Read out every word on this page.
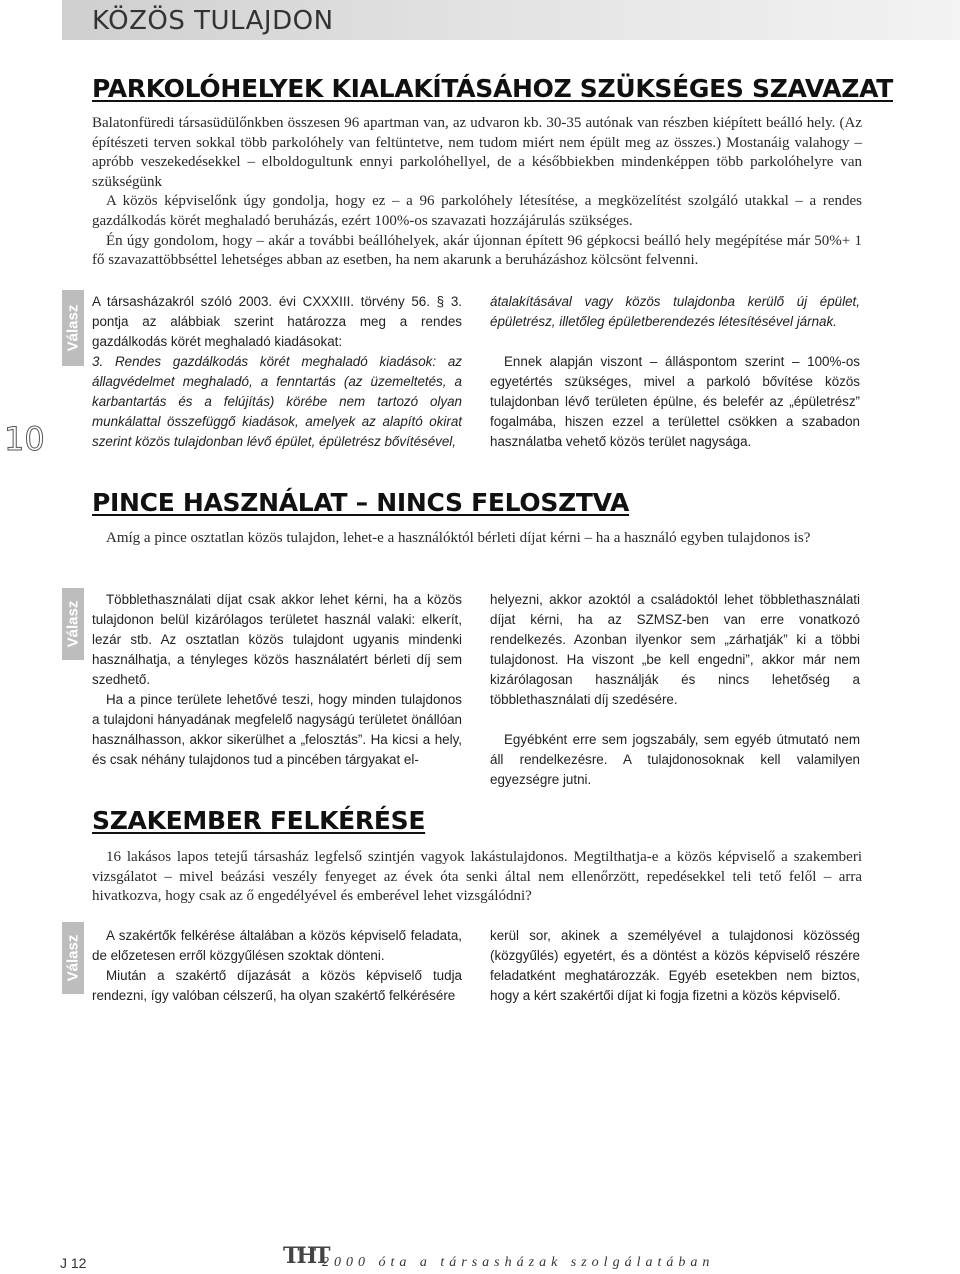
KÖZÖS TULAJDON
10
PARKOLÓHELYEK KIALAKÍTÁSÁHOZ SZÜKSÉGES SZAVAZAT

Balatonfüredi társasüdülőnkben összesen 96 apartman van, az udvaron kb. 30-35 autónak van részben kiépített beálló hely. (Az építészeti terven sokkal több parkolóhely van feltüntetve, nem tudom miért nem épült meg az összes.) Mostanáig valahogy – apróbb veszekedésekkel – elboldogultunk ennyi parkolóhellyel, de a későbbiekben mindenképpen több parkolóhelyre van szükségünk

A közös képviselőnk úgy gondolja, hogy ez – a 96 parkolóhely létesítése, a megközelítést szolgáló utakkal – a rendes gazdálkodás körét meghaladó beruházás, ezért 100%-os szavazati hozzájárulás szükséges.

Én úgy gondolom, hogy – akár a további beállóhelyek, akár újonnan épített 96 gépkocsi beálló hely megépítése már 50%+ 1 fő szavazattöbbséttel lehetséges abban az esetben, ha nem akarunk a beruházáshoz kölcsönt felvenni.

Válasz

A társasházakról szóló 2003. évi CXXXIII. törvény 56. § 3. pontja az alábbiak szerint határozza meg a rendes gazdálkodás körét meghaladó kiadásokat:

3. Rendes gazdálkodás körét meghaladó kiadások: az állagvédelmet meghaladó, a fenntartás (az üzemeltetés, a karbantartás és a felújítás) körébe nem tartozó olyan munkálattal összefüggő kiadások, amelyek az alapító okirat szerint közös tulajdonban lévő épület, épületrész bővítésével,

átalakításával vagy közös tulajdonba kerülő új épület, épületrész, illetőleg épületberendezés létesítésével járnak.

Ennek alapján viszont – álláspontom szerint – 100%-os egyetértés szükséges, mivel a parkoló bővítése közös tulajdonban lévő területen épülne, és belefér az „épületrész” fogalmába, hiszen ezzel a területtel csökken a szabadon használatba vehető közös terület nagysága.

PINCE HASZNÁLAT – NINCS FELOSZTVA

Amíg a pince osztatlan közös tulajdon, lehet-e a használóktól bérleti díjat kérni – ha a használó egyben tulajdonos is?

Válasz

Többlethasználati díjat csak akkor lehet kérni, ha a közös tulajdonon belül kizárólagos területet használ valaki: elkerít, lezár stb. Az osztatlan közös tulajdont ugyanis mindenki használhatja, a tényleges közös használatért bérleti díj sem szedhető.

Ha a pince területe lehetővé teszi, hogy minden tulajdonos a tulajdoni hányadának megfelelő nagyságú területet önállóan használhasson, akkor sikerülhet a „felosztás”. Ha kicsi a hely, és csak néhány tulajdonos tud a pincében tárgyakat el-

helyezni, akkor azoktól a családoktól lehet többlethasználati díjat kérni, ha az SZMSZ-ben van erre vonatkozó rendelkezés. Azonban ilyenkor sem „zárhatják” ki a többi tulajdonost. Ha viszont „be kell engedni”, akkor már nem kizárólagosan használják és nincs lehetőség a többlethasználati díj szedésére.

Egyébként erre sem jogszabály, sem egyéb útmutató nem áll rendelkezésre. A tulajdonosoknak kell valamilyen egyezségre jutni.

SZAKEMBER FELKÉRÉSE

16 lakásos lapos tetejű társasház legfelső szintjén vagyok lakástulajdonos. Megtilthatja-e a közös képviselő a szakemberi vizsgálatot – mivel beázási veszély fenyeget az évek óta senki által nem ellenőrzött, repedésekkel teli tető felől – arra hivatkozva, hogy csak az ő engedélyével és emberével lehet vizsgálódni?

Válasz	A szakértők felkérése általában a közös képviselő feladata, de előzetesen erről közgyűlésen szoktak dönteni.

Miután a szakértő díjazását a közös képviselő tudja rendezni, így valóban célszerű, ha olyan szakértő felkérésére

kerül sor, akinek a személyével a tulajdonosi közösség (közgyűlés) egyetért, és a döntést a közös képviselő részére feladatként meghatározzák. Egyéb esetekben nem biztos, hogy a kért szakértői díjat ki fogja fizetni a közös képviselő.

J 12	THT
2000 óta a társasházak szolgálatában
